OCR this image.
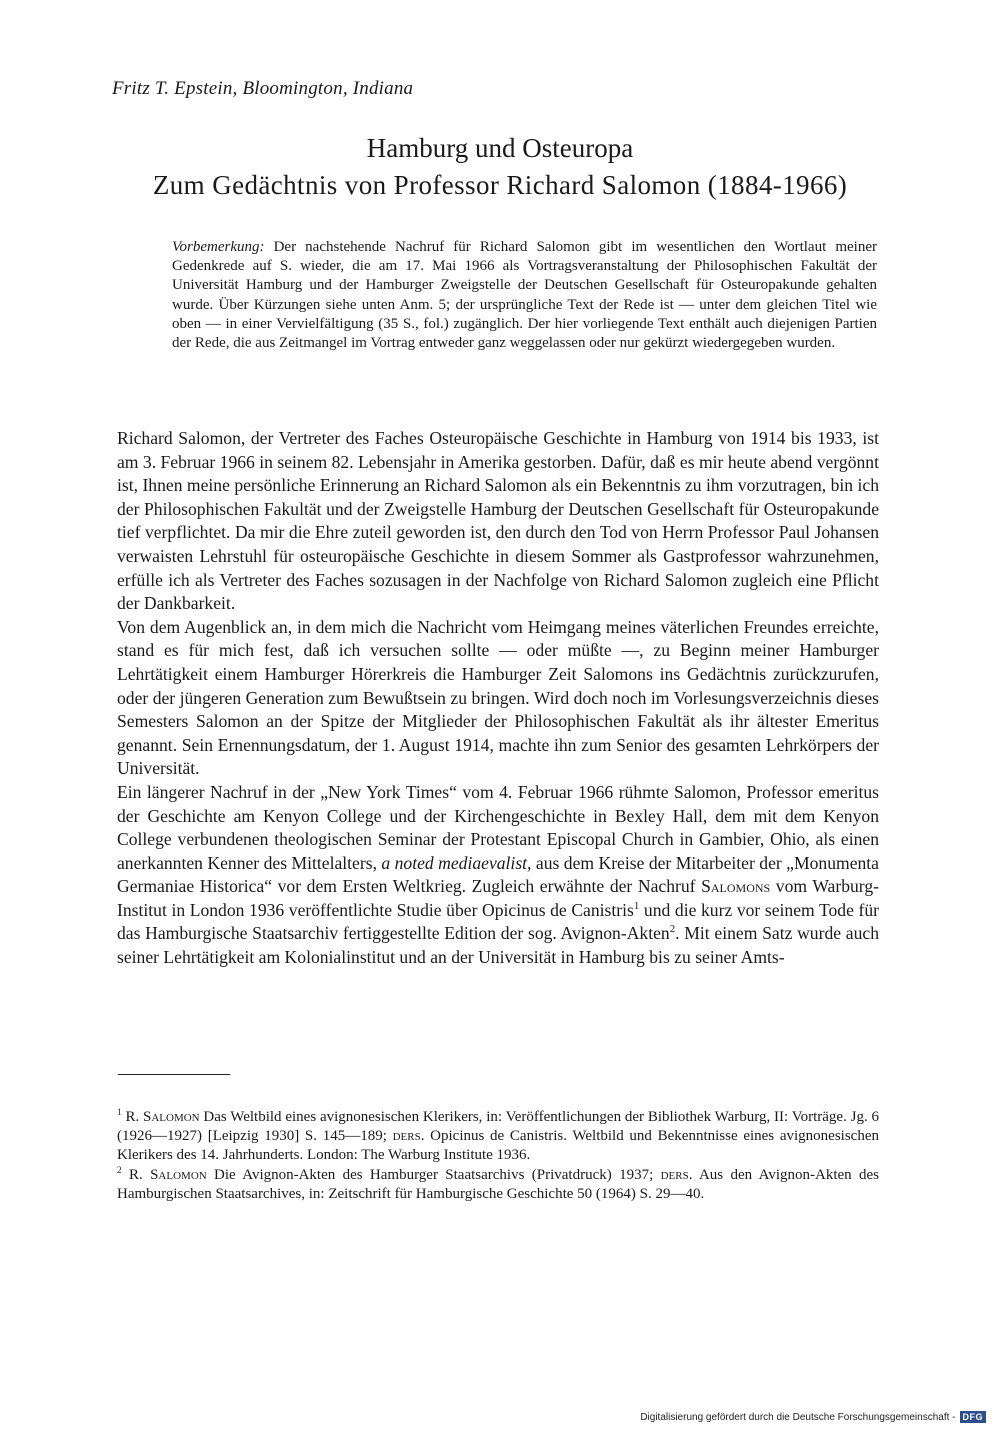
Fritz T. Epstein, Bloomington, Indiana
Hamburg und Osteuropa
Zum Gedächtnis von Professor Richard Salomon (1884-1966)
Vorbemerkung: Der nachstehende Nachruf für Richard Salomon gibt im wesentlichen den Wortlaut meiner Gedenkrede auf S. wieder, die am 17. Mai 1966 als Vortragsveranstaltung der Philosophischen Fakultät der Universität Hamburg und der Hamburger Zweigstelle der Deutschen Gesellschaft für Osteuropakunde gehalten wurde. Über Kürzungen siehe unten Anm. 5; der ursprüngliche Text der Rede ist — unter dem gleichen Titel wie oben — in einer Vervielfältigung (35 S., fol.) zugänglich. Der hier vorliegende Text enthält auch diejenigen Partien der Rede, die aus Zeitmangel im Vortrag entweder ganz weggelassen oder nur gekürzt wiedergegeben wurden.

Richard Salomon, der Vertreter des Faches Osteuropäische Geschichte in Hamburg von 1914 bis 1933, ist am 3. Februar 1966 in seinem 82. Lebensjahr in Amerika gestorben. Dafür, daß es mir heute abend vergönnt ist, Ihnen meine persönliche Erinnerung an Richard Salomon als ein Bekenntnis zu ihm vorzutragen, bin ich der Philosophischen Fakultät und der Zweigstelle Hamburg der Deutschen Gesellschaft für Osteuropakunde tief verpflichtet. Da mir die Ehre zuteil geworden ist, den durch den Tod von Herrn Professor Paul Johansen verwaisten Lehrstuhl für osteuropäische Geschichte in diesem Sommer als Gastprofessor wahrzunehmen, erfülle ich als Vertreter des Faches sozusagen in der Nachfolge von Richard Salomon zugleich eine Pflicht der Dankbarkeit.

Von dem Augenblick an, in dem mich die Nachricht vom Heimgang meines väterlichen Freundes erreichte, stand es für mich fest, daß ich versuchen sollte — oder müßte —, zu Beginn meiner Hamburger Lehrtätigkeit einem Hamburger Hörerkreis die Hamburger Zeit Salomons ins Gedächtnis zurückzurufen, oder der jüngeren Generation zum Bewußtsein zu bringen. Wird doch noch im Vorlesungsverzeichnis dieses Semesters Salomon an der Spitze der Mitglieder der Philosophischen Fakultät als ihr ältester Emeritus genannt. Sein Ernennungsdatum, der 1. August 1914, machte ihn zum Senior des gesamten Lehrkörpers der Universität.

Ein längerer Nachruf in der „New York Times“ vom 4. Februar 1966 rühmte Salomon, Professor emeritus der Geschichte am Kenyon College und der Kirchengeschichte in Bexley Hall, dem mit dem Kenyon College verbundenen theologischen Seminar der Protestant Episcopal Church in Gambier, Ohio, als einen anerkannten Kenner des Mittelalters, a noted mediaevalist, aus dem Kreise der Mitarbeiter der „Monumenta Germaniae Historica“ vor dem Ersten Weltkrieg. Zugleich erwähnte der Nachruf Salomons vom Warburg-Institut in London 1936 veröffentlichte Studie über Opicinus de Canistris$^1$ und die kurz vor seinem Tode für das Hamburgische Staatsarchiv fertiggestellte Edition der sog. Avignon-Akten$^2$. Mit einem Satz wurde auch seiner Lehrtätigkeit am Kolonialinstitut und an der Universität in Hamburg bis zu seiner Amts-

$^1$ R. Salomon Das Weltbild eines avignonesischen Klerikers, in: Veröffentlichungen der Bibliothek Warburg, II: Vorträge. Jg. 6 (1926—1927) [Leipzig 1930] S. 145—189; ders. Opicinus de Canistris. Weltbild und Bekenntnisse eines avignonesischen Klerikers des 14. Jahrhunderts. London: The Warburg Institute 1936.

$^2$ R. Salomon Die Avignon-Akten des Hamburger Staatsarchivs (Privatdruck) 1937; ders. Aus den Avignon-Akten des Hamburgischen Staatsarchives, in: Zeitschrift für Hamburgische Geschichte 50 (1964) S. 29—40.

Digitalisierung gefördert durch die Deutsche Forschungsgemeinschaft - DFG
